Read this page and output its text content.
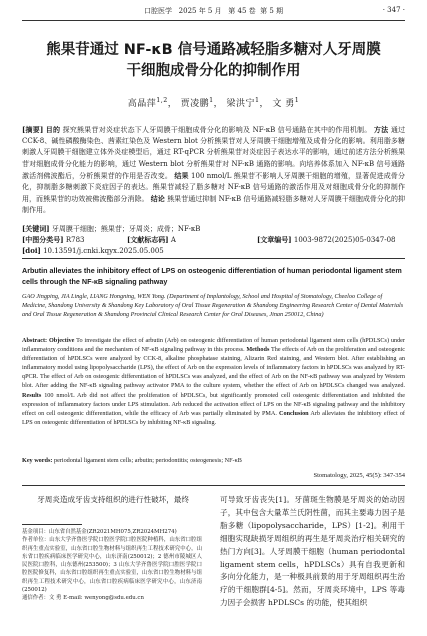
口腔医学 2025 年 5 月 第 45 卷 第 5 期	· 347 ·
熊果苷通过 NF-κB 信号通路减轻脂多糖对人牙周膜干细胞成骨分化的抑制作用
高晶萍$^{1,2}$， 贾凌鹏$^1$， 梁洪宁$^1$， 文 勇$^1$
[摘要] 目的 探究熊果苷对炎症状态下人牙周膜干细胞成骨分化的影响及 NF-κB 信号通路在其中的作用机制。 方法 通过 CCK-8、碱性磷酸酶染色、茜素红染色及 Western blot 分析熊果苷对人牙周膜干细胞增殖及成骨分化的影响。利用脂多糖刺激人牙周膜干细胞建立体外炎症模型后，通过 RT-qPCR 分析熊果苷对炎症因子表达水平的影响，通过前述方法分析熊果苷对细胞成骨分化能力的影响，通过 Western blot 分析熊果苷对 NF-κB 通路的影响。向培养体系加入 NF-κB 信号通路激活剂佛波酯后，分析熊果苷的作用是否改变。 结果 100 nmol/L 熊果苷不影响人牙周膜干细胞的增殖，显著促进成骨分化，抑制脂多糖刺激下炎症因子的表达。熊果苷减轻了脂多糖对 NF-κB 信号通路的激活作用及对细胞成骨分化的抑制作用，而熊果苷的功效被佛波酯部分消除。 结论 熊果苷通过抑制 NF-κB 信号通路减轻脂多糖对人牙周膜干细胞成骨分化的抑制作用。
[关键词] 牙周膜干细胞；熊果苷；牙周炎；成骨；NF-κB
[中图分类号] R783	[文献标志码] A	[文章编号] 1003-9872(2025)05-0347-08
[doi] 10.13591/j.cnki.kqyx.2025.05.005
Arbutin alleviates the inhibitory effect of LPS on osteogenic differentiation of human periodontal ligament stem cells through the NF-κB signaling pathway
GAO Jingping, JIA Lingle, LIANG Hongning, WEN Yong. (Department of Implantology, School and Hospital of Stomatology, Cheeloo College of Medicine, Shandong University & Shandong Key Laboratory of Oral Tissue Regeneration & Shandong Engineering Research Center of Dental Materials and Oral Tissue Regeneration & Shandong Provincial Clinical Research Center for Oral Diseases, Jinan 250012, China)
Abstract: Objective To investigate the effect of arbutin (Arb) on osteogenic differentiation of human periodontal ligament stem cells (hPDLSCs) under inflammatory conditions and the mechanism of NF-κB signaling pathway in this process. Methods The effects of Arb on the proliferation and osteogenic differentiation of hPDLSCs were analyzed by CCK-8, alkaline phosphatase staining, Alizarin Red staining, and Western blot. After establishing an inflammatory model using lipopolysaccharide (LPS), the effect of Arb on the expression levels of inflammatory factors in hPDLSCs was analyzed by RT-qPCR. The effect of Arb on osteogenic differentiation of hPDLSCs was analyzed, and the effect of Arb on the NF-κB pathway was analyzed by Western blot. After adding the NF-κB signaling pathway activator PMA to the culture system, whether the effect of Arb on hPDLSCs changed was analyzed. Results 100 nmol/L Arb did not affect the proliferation of hPDLSCs, but significantly promoted cell osteogenic differentiation and inhibited the expression of inflammatory factors under LPS stimulation. Arb reduced the activation effect of LPS on the NF-κB signaling pathway and the inhibitory effect on cell osteogenic differentiation, while the efficacy of Arb was partially eliminated by PMA. Conclusion Arb alleviates the inhibitory effect of LPS on osteogenic differentiation of hPDLSCs by inhibiting NF-κB signaling.
Key words: periodontal ligament stem cells; arbutin; periodontitis; osteogenesis; NF-κB
Stomatology, 2025, 45(5): 347-354
牙周炎造成牙齿支持组织的进行性破坏，最终
基金项目：山东省自然基金(ZR2021MH075,ZR2024MH274)
作者单位：山东大学齐鲁医学院口腔医学院口腔医院种植科，山东省口腔组织再生重点实验室，山东省口腔生物材料与组织再生工程技术研究中心，山东省口腔疾病临床医学研究中心，山东济南(250012)；2 德州市陵城区人民医院口腔科，山东德州(253500)；3 山东大学齐鲁医学院口腔医学院口腔医院修复科，山东省口腔组织再生重点实验室，山东省口腔生物材料与组织再生工程技术研究中心，山东省口腔疾病临床医学研究中心，山东济南(250012)
通信作者：文 勇 E-mail: wenyong@sdu.edu.cn
可导致牙齿丧失[1]。牙菌斑生物膜是牙周炎的始动因子，其中包含大量革兰氏阴性菌，而其主要毒力因子是脂多糖（lipopolysaccharide，LPS）[1-2]。利用干细胞实现缺损牙周组织的再生是牙周炎治疗相关研究的热门方向[3]。人牙周膜干细胞（human periodontal ligament stem cells，hPDLSCs）具有自我更新和多向分化能力，是一种极具前景的用于牙周组织再生治疗的干细胞群[4-5]。然而，牙周炎环境中，LPS 等毒力因子会损害 hPDLSCs 的功能，使其组织
